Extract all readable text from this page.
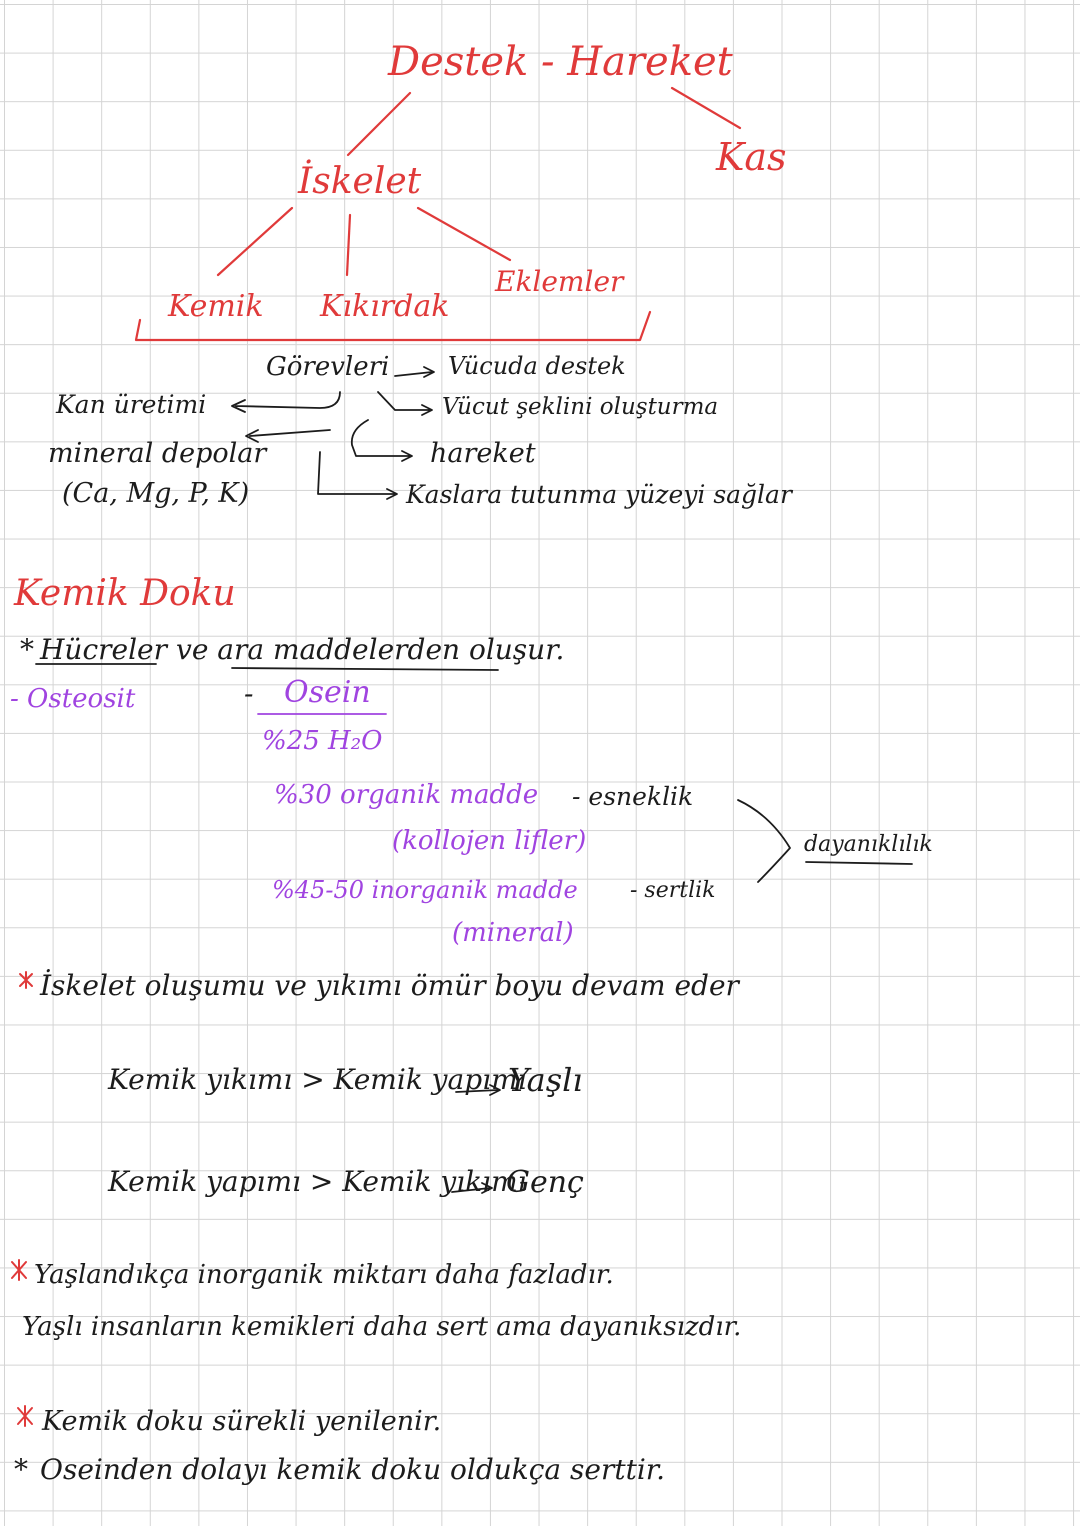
Destek - Hareket
Kas
İskelet
Kemik Kıkırdak
Eklemler
Görevleri Vücuda destek
Vücut şeklini oluşturma
hareket
Kaslara tutunma yüzeyi sağlar
Kan üretimi
mineral depolar
(Ca, Mg, P, K)
Kemik Doku
* Hücreler ve ara maddelerden oluşur.
- Osteosit	- Osein
%25 H₂O
%30 organik madde - esneklik
(kollojen lifler)
%45-50 inorganik madde - sertlik
(mineral)
dayanıklılık
İskelet oluşumu ve yıkımı ömür boyu devam eder
Kemik yıkımı > Kemik yapımı
Yaşlı
Kemik yapımı > Kemik yıkımı
Genç
Yaşlandıkça inorganik miktarı daha fazladır.
Yaşlı insanların kemikleri daha sert ama dayanıksızdır.
Kemik doku sürekli yenilenir.
* Oseinden dolayı kemik doku oldukça serttir.
